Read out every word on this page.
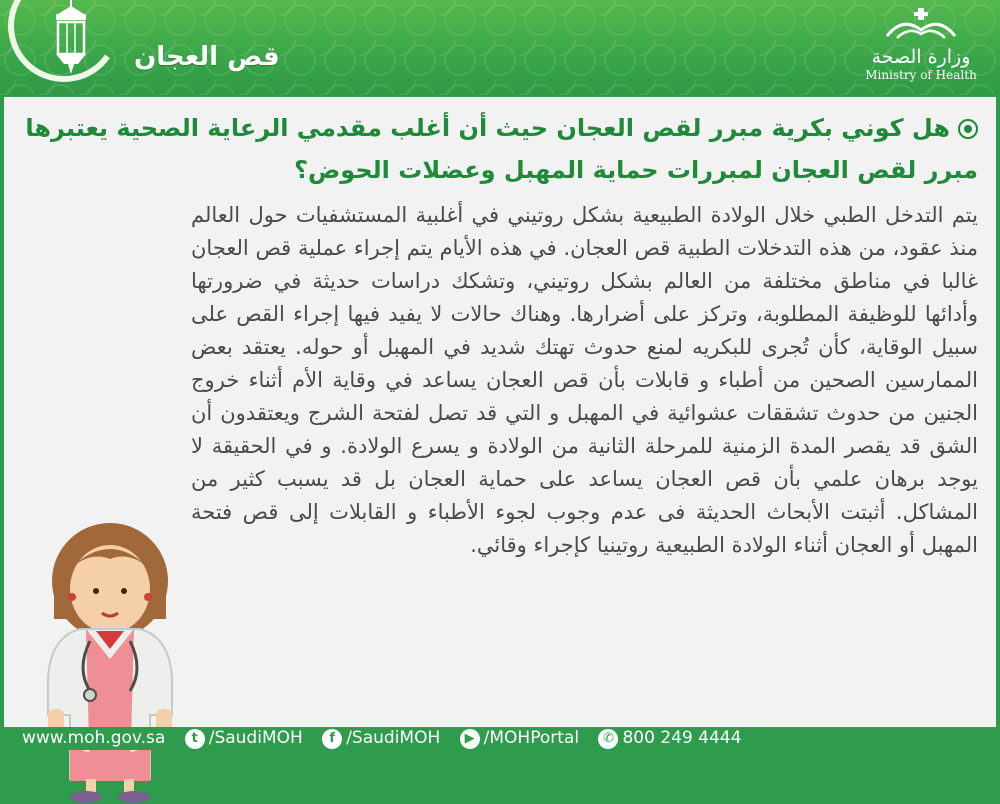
قص العجان	وزارة الصحة
Ministry of Health
هل كوني بكرية مبرر لقص العجان حيث أن أغلب مقدمي الرعاية الصحية يعتبرها مبرر لقص العجان لمبررات حماية المهبل وعضلات الحوض؟
يتم التدخل الطبي خلال الولادة الطبيعية بشكل روتيني في أغلبية المستشفيات حول العالم منذ عقود، من هذه التدخلات الطبية قص العجان. في هذه الأيام يتم إجراء عملية قص العجان غالبا في مناطق مختلفة من العالم بشكل روتيني، وتشكك دراسات حديثة في ضرورتها وأدائها للوظيفة المطلوبة، وتركز على أضرارها. وهناك حالات لا يفيد فيها إجراء القص على سبيل الوقاية، كأن تُجرى للبكريه لمنع حدوث تهتك شديد في المهبل أو حوله. يعتقد بعض الممارسين الصحين من أطباء و قابلات بأن قص العجان يساعد في وقاية الأم أثناء خروج الجنين من حدوث تشققات عشوائية في المهبل و التي قد تصل لفتحة الشرج ويعتقدون أن الشق قد يقصر المدة الزمنية للمرحلة الثانية من الولادة و يسرع الولادة. و في الحقيقة لا يوجد برهان علمي بأن قص العجان يساعد على حماية العجان بل قد يسبب كثير من المشاكل. أثبتت الأبحاث الحديثة فى عدم وجوب لجوء الأطباء و القابلات إلى قص فتحة المهبل أو العجان أثناء الولادة الطبيعية روتينيا كإجراء وقائي.
www.moh.gov.sa t /SaudiMOH f /SaudiMOH ▶ /MOHPortal ✆ 800 249 4444
